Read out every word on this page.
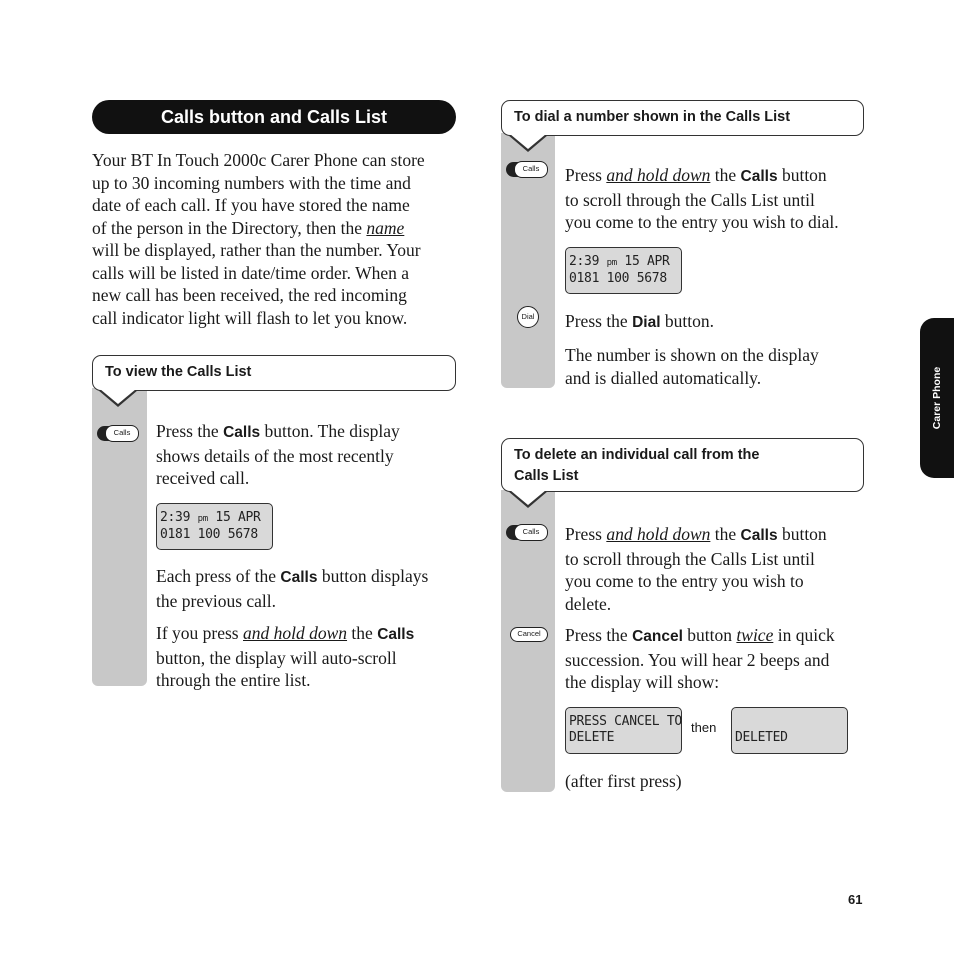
Calls button and Calls List
Your BT In Touch 2000c Carer Phone can store
up to 30 incoming numbers with the time and
date of each call. If you have stored the name
of the person in the Directory, then the name
will be displayed, rather than the number. Your
calls will be listed in date/time order. When a
new call has been received, the red incoming
call indicator light will flash to let you know.
To view the Calls List
Calls	Press the Calls button. The display
shows details of the most recently
received call.
2:39 pm 15 APR
0181 100 5678
Each press of the Calls button displays
the previous call.
If you press and hold down the Calls
button, the display will auto-scroll
through the entire list.
To dial a number shown in the Calls List
Calls	Press and hold down the Calls button
to scroll through the Calls List until
you come to the entry you wish to dial.
2:39 pm 15 APR
0181 100 5678
Dial Press the Dial button.
The number is shown on the display
and is dialled automatically.
To delete an individual call from the
Calls List
Calls	Press and hold down the Calls button
to scroll through the Calls List until
you come to the entry you wish to
delete.
Cancel	Press the Cancel button twice in quick
succession. You will hear 2 beeps and
the display will show:
PRESS CANCEL TO
DELETE
then

DELETED
(after first press)
Carer Phone
61
